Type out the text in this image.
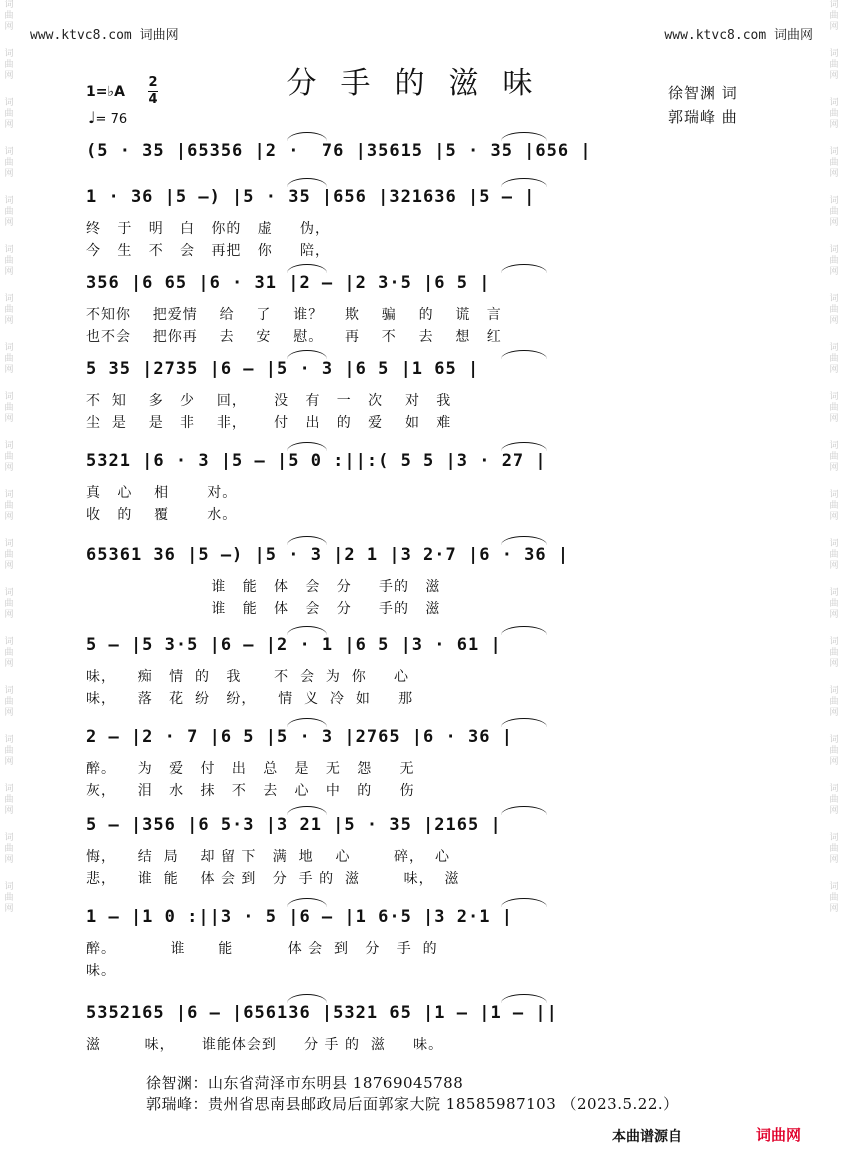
词
曲
网
词
曲
网
词
曲
网
词
曲
网
词
曲
网
词
曲
网
词
曲
网
词
曲
网
词
曲
网
词
曲
网
词
曲
网
词
曲
网
词
曲
网
词
曲
网
词
曲
网
词
曲
网
词
曲
网
词
曲
网
词
曲
网
词
曲
网
词
曲
网
词
曲
网
词
曲
网
词
曲
网
词
曲
网
词
曲
网
词
曲
网
词
曲
网
词
曲
网
词
曲
网
词
曲
网
词
曲
网
词
曲
网
词
曲
网
词
曲
网
词
曲
网
词
曲
网
词
曲
网
www.ktvc8.com 词曲网	www.ktvc8.com 词曲网
分手的滋味
1=♭A
2
4
♩= 76
徐智渊 词
郭瑞峰 曲
(5 · 35 |65356 |2 ·  76 |35615 |5 · 35 |656 |
1 · 36 |5 –) |5 · 35 |656 |321636 |5 – |
终   于   明   白   你的   虚     伪，
今   生   不   会   再把   你     陪，
356 |6 65 |6 · 31 |2 – |2 3·5 |6 5 |
不知你    把爱情    给    了    谁？    欺    骗    的    谎   言
也不会    把你再    去    安    慰。    再    不    去    想   红
5 35 |2735 |6 – |5 · 3 |6 5 |1 65 |
不  知    多   少    回，     没   有   一   次    对   我
尘  是    是   非    非，     付   出   的   爱    如   难
5321 |6 · 3 |5 – |5 0 :||:( 5 5 |3 · 27 |
真   心    相       对。
收   的    覆       水。
65361 36 |5 –) |5 · 3 |2 1 |3 2·7 |6 · 36 |
谁   能   体   会   分     手的   滋
谁   能   体   会   分     手的   滋
5 – |5 3·5 |6 – |2 · 1 |6 5 |3 · 61 |
味，    痴   情  的   我      不  会  为  你     心
味，    落   花  纷   纷，    情  义  冷  如     那
2 – |2 · 7 |6 5 |5 · 3 |2765 |6 · 36 |
醉。    为   爱   付   出   总   是   无   怨     无
灰，    泪   水   抹   不   去   心   中   的     伤
5 – |356 |6 5·3 |3 21 |5 · 35 |2165 |
悔，    结  局    却 留 下   满  地    心        碎，  心
悲，    谁  能    体 会 到   分  手 的  滋        味，  滋
1 – |1 0 :||3 · 5 |6 – |1 6·5 |3 2·1 |
醉。          谁      能          体 会  到   分   手  的
味。
5352165 |6 – |656136 |5321 65 |1 – |1 – ||
滋        味，     谁能体会到     分 手 的  滋     味。
徐智渊：山东省菏泽市东明县 18769045788
郭瑞峰：贵州省思南县邮政局后面郭家大院 18585987103 （2023.5.22.）
本曲谱源自	词曲网
